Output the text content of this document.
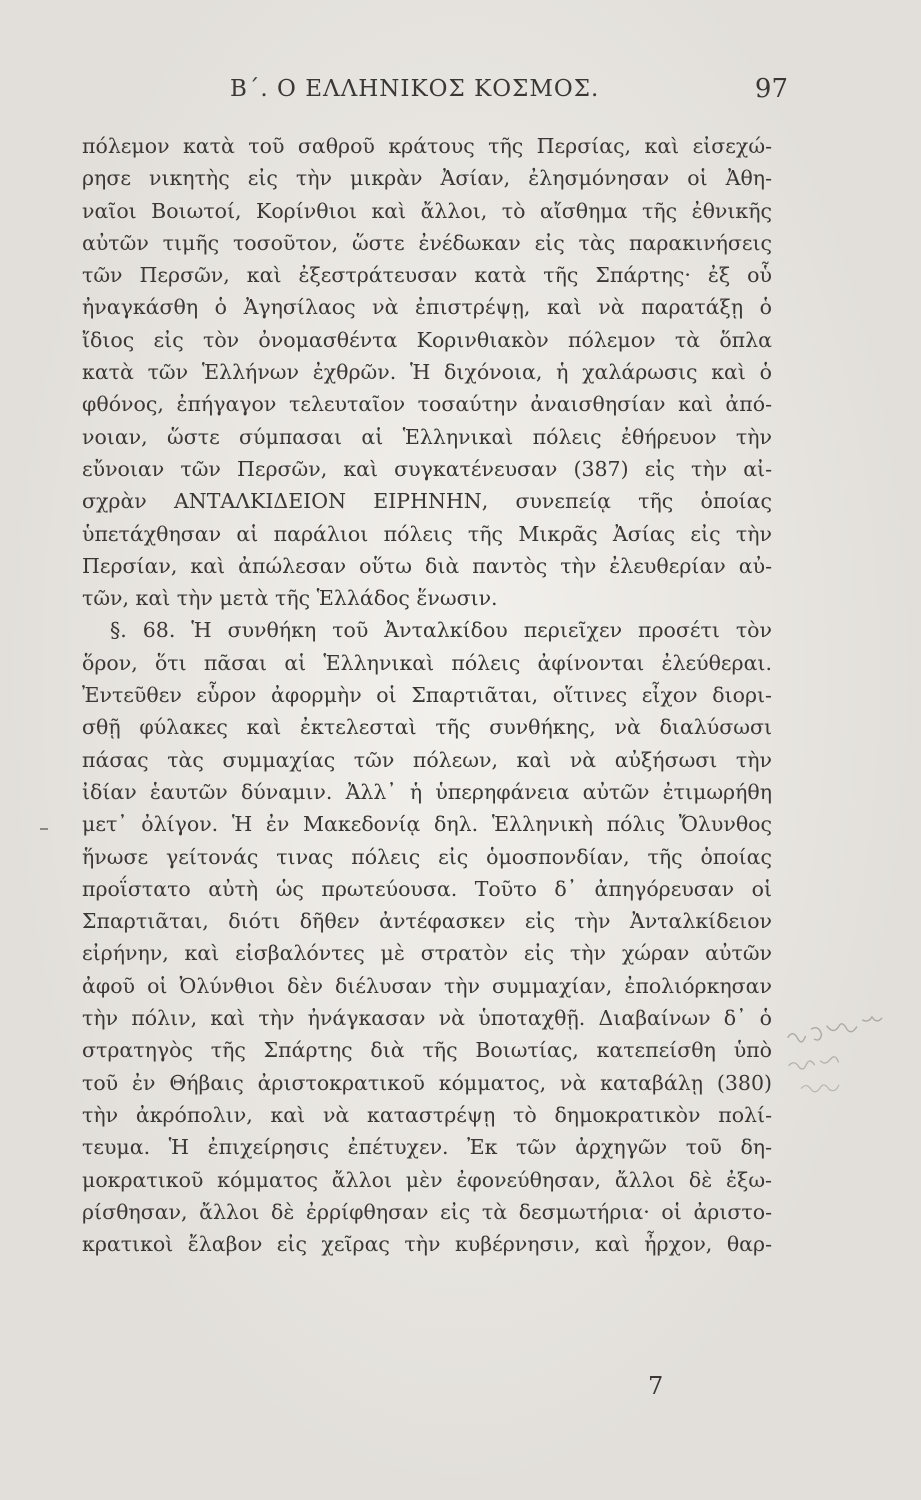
Β΄. Ο ΕΛΛΗΝΙΚΟΣ ΚΟΣΜΟΣ.	97
πόλεμον κατὰ τοῦ σαθροῦ κράτους τῆς Περσίας, καὶ εἰσεχώ-
ρησε νικητὴς εἰς τὴν μικρὰν Ἀσίαν, ἐλησμόνησαν οἱ Ἀθη-
ναῖοι Βοιωτοί, Κορίνθιοι καὶ ἄλλοι, τὸ αἴσθημα τῆς ἐθνικῆς
αὐτῶν τιμῆς τοσοῦτον, ὥστε ἐνέδωκαν εἰς τὰς παρακινήσεις
τῶν Περσῶν, καὶ ἐξεστράτευσαν κατὰ τῆς Σπάρτης· ἐξ οὗ
ἠναγκάσθη ὁ Ἀγησίλαος νὰ ἐπιστρέψῃ, καὶ νὰ παρατάξῃ ὁ
ἴδιος εἰς τὸν ὀνομασθέντα Κορινθιακὸν πόλεμον τὰ ὅπλα
κατὰ τῶν Ἑλλήνων ἐχθρῶν. Ἡ διχόνοια, ἡ χαλάρωσις καὶ ὁ
φθόνος, ἐπήγαγον τελευταῖον τοσαύτην ἀναισθησίαν καὶ ἀπό-
νοιαν, ὥστε σύμπασαι αἱ Ἑλληνικαὶ πόλεις ἐθήρευον τὴν
εὔνοιαν τῶν Περσῶν, καὶ συγκατένευσαν (387) εἰς τὴν αἰ-
σχρὰν ΑΝΤΑΛΚΙΔΕΙΟΝ ΕΙΡΗΝΗΝ, συνεπείᾳ τῆς ὁποίας
ὑπετάχθησαν αἱ παράλιοι πόλεις τῆς Μικρᾶς Ἀσίας εἰς τὴν
Περσίαν, καὶ ἀπώλεσαν οὕτω διὰ παντὸς τὴν ἐλευθερίαν αὐ-
τῶν, καὶ τὴν μετὰ τῆς Ἑλλάδος ἕνωσιν.
§. 68. Ἡ συνθήκη τοῦ Ἀνταλκίδου περιεῖχεν προσέτι τὸν
ὅρον, ὅτι πᾶσαι αἱ Ἑλληνικαὶ πόλεις ἀφίνονται ἐλεύθεραι.
Ἐντεῦθεν εὗρον ἀφορμὴν οἱ Σπαρτιᾶται, οἵτινες εἶχον διορι-
σθῇ φύλακες καὶ ἐκτελεσταὶ τῆς συνθήκης, νὰ διαλύσωσι
πάσας τὰς συμμαχίας τῶν πόλεων, καὶ νὰ αὐξήσωσι τὴν
ἰδίαν ἑαυτῶν δύναμιν. Ἀλλ᾽ ἡ ὑπερηφάνεια αὐτῶν ἐτιμωρήθη
μετ᾽ ὀλίγον. Ἡ ἐν Μακεδονίᾳ δηλ. Ἑλληνικὴ πόλις Ὄλυνθος
ἥνωσε γείτονάς τινας πόλεις εἰς ὁμοσπονδίαν, τῆς ὁποίας
προΐστατο αὐτὴ ὡς πρωτεύουσα. Τοῦτο δ᾽ ἀπηγόρευσαν οἱ
Σπαρτιᾶται, διότι δῆθεν ἀντέφασκεν εἰς τὴν Ἀνταλκίδειον
εἰρήνην, καὶ εἰσβαλόντες μὲ στρατὸν εἰς τὴν χώραν αὐτῶν
ἀφοῦ οἱ Ὀλύνθιοι δὲν διέλυσαν τὴν συμμαχίαν, ἐπολιόρκησαν
τὴν πόλιν, καὶ τὴν ἠνάγκασαν νὰ ὑποταχθῇ. Διαβαίνων δ᾽ ὁ
στρατηγὸς τῆς Σπάρτης διὰ τῆς Βοιωτίας, κατεπείσθη ὑπὸ
τοῦ ἐν Θήβαις ἀριστοκρατικοῦ κόμματος, νὰ καταβάλῃ (380)
τὴν ἀκρόπολιν, καὶ νὰ καταστρέψῃ τὸ δημοκρατικὸν πολί-
τευμα. Ἡ ἐπιχείρησις ἐπέτυχεν. Ἐκ τῶν ἀρχηγῶν τοῦ δη-
μοκρατικοῦ κόμματος ἄλλοι μὲν ἐφονεύθησαν, ἄλλοι δὲ ἐξω-
ρίσθησαν, ἄλλοι δὲ ἐρρίφθησαν εἰς τὰ δεσμωτήρια· οἱ ἀριστο-
κρατικοὶ ἔλαβον εἰς χεῖρας τὴν κυβέρνησιν, καὶ ἦρχον, θαρ-
7
